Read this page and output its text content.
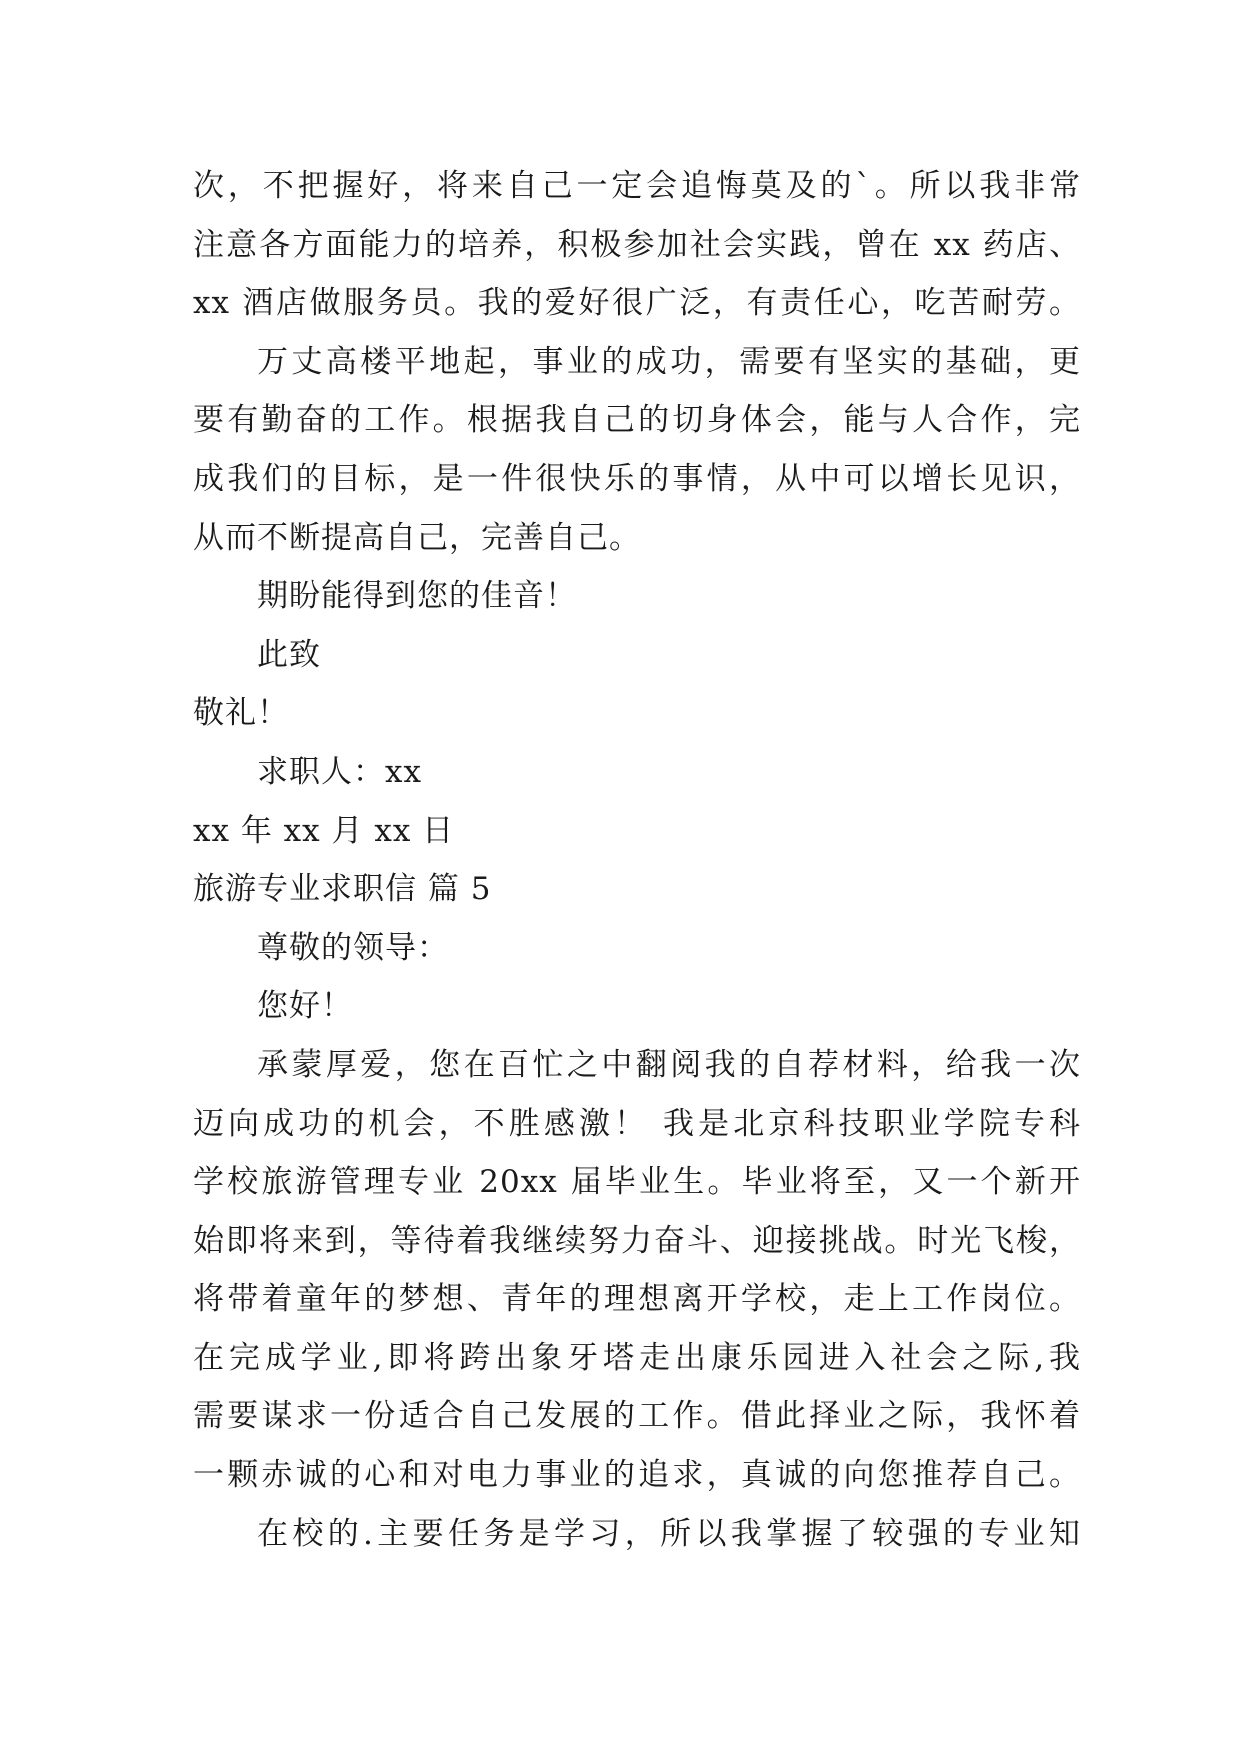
次，不把握好，将来自己一定会追悔莫及的`。所以我非常
注意各方面能力的培养，积极参加社会实践，曾在 xx 药店、
xx 酒店做服务员。我的爱好很广泛，有责任心，吃苦耐劳。
万丈高楼平地起，事业的成功，需要有坚实的基础，更
要有勤奋的工作。根据我自己的切身体会，能与人合作，完
成我们的目标，是一件很快乐的事情，从中可以增长见识，
从而不断提高自己，完善自己。
期盼能得到您的佳音！
此致
敬礼！
求职人：xx
xx 年 xx 月 xx 日
旅游专业求职信 篇 5
尊敬的领导：
您好！
承蒙厚爱，您在百忙之中翻阅我的自荐材料，给我一次
迈向成功的机会，不胜感激！ 我是北京科技职业学院专科
学校旅游管理专业 20xx 届毕业生。毕业将至，又一个新开
始即将来到，等待着我继续努力奋斗、迎接挑战。时光飞梭，
将带着童年的梦想、青年的理想离开学校，走上工作岗位。
在完成学业,即将跨出象牙塔走出康乐园进入社会之际,我
需要谋求一份适合自己发展的工作。借此择业之际，我怀着
一颗赤诚的心和对电力事业的追求，真诚的向您推荐自己。
在校的.主要任务是学习，所以我掌握了较强的专业知
